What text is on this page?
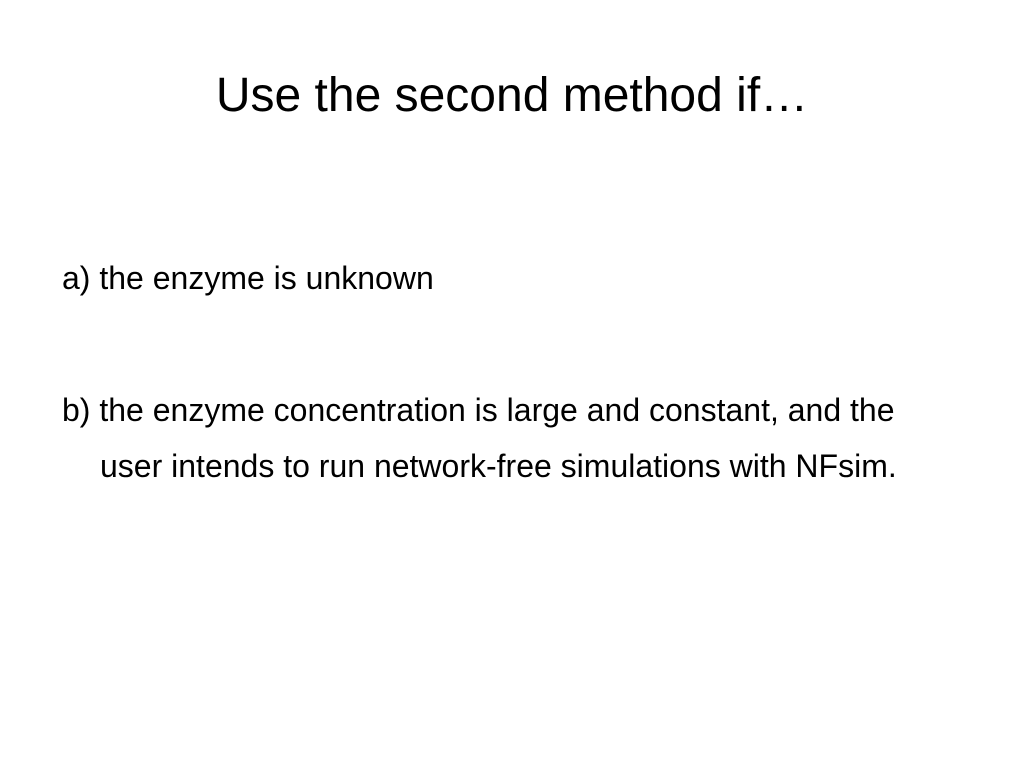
Use the second method if…
a) the enzyme is unknown
b) the enzyme concentration is large and constant, and the user intends to run network-free simulations with NFsim.
